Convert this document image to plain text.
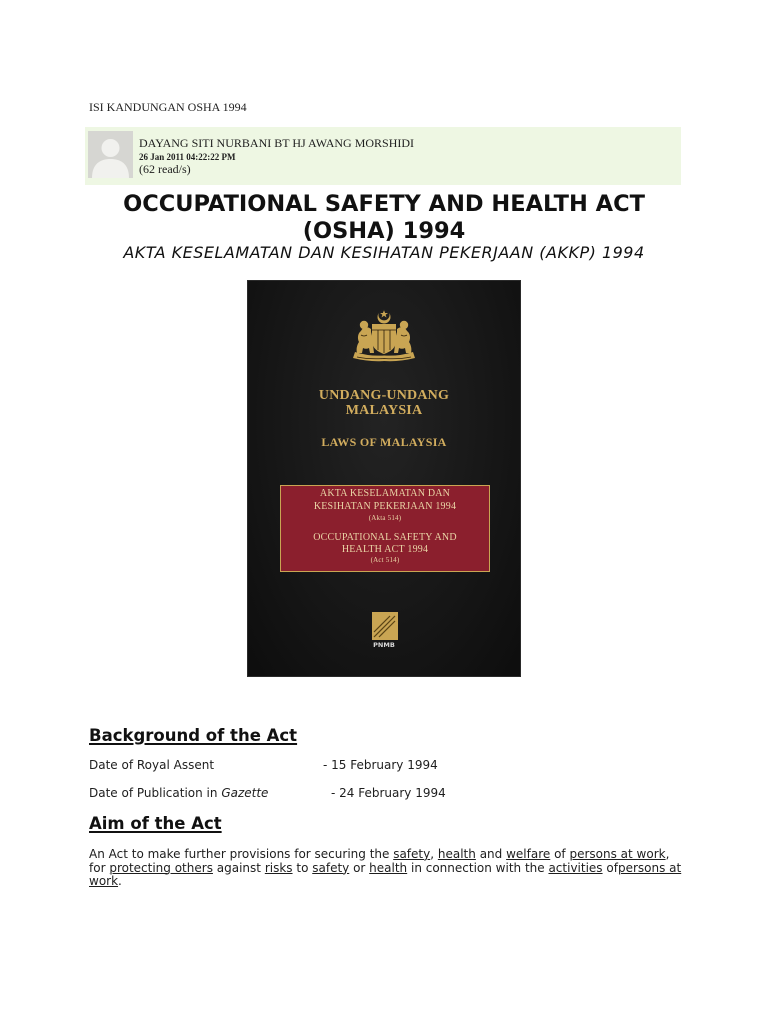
ISI KANDUNGAN OSHA 1994
DAYANG SITI NURBANI BT HJ AWANG MORSHIDI
26 Jan 2011 04:22:22 PM
(62 read/s)
OCCUPATIONAL SAFETY AND HEALTH ACT (OSHA) 1994
AKTA KESELAMATAN DAN KESIHATAN PEKERJAAN (AKKP) 1994
UNDANG-UNDANG
MALAYSIA
LAWS OF MALAYSIA
AKTA KESELAMATAN DAN
KESIHATAN PEKERJAAN 1994
(Akta 514)
OCCUPATIONAL SAFETY AND
HEALTH ACT 1994
(Act 514)
PNMB
Background of the Act
Date of Royal Assent	- 15 February 1994
Date of Publication in Gazette	- 24 February 1994
Aim of the Act
An Act to make further provisions for securing the  safety ,  health  and  welfare  of  persons at work ,
for  protecting others  against  risks  to  safety  or  health  in connection with the  activities  of persons at
work .
